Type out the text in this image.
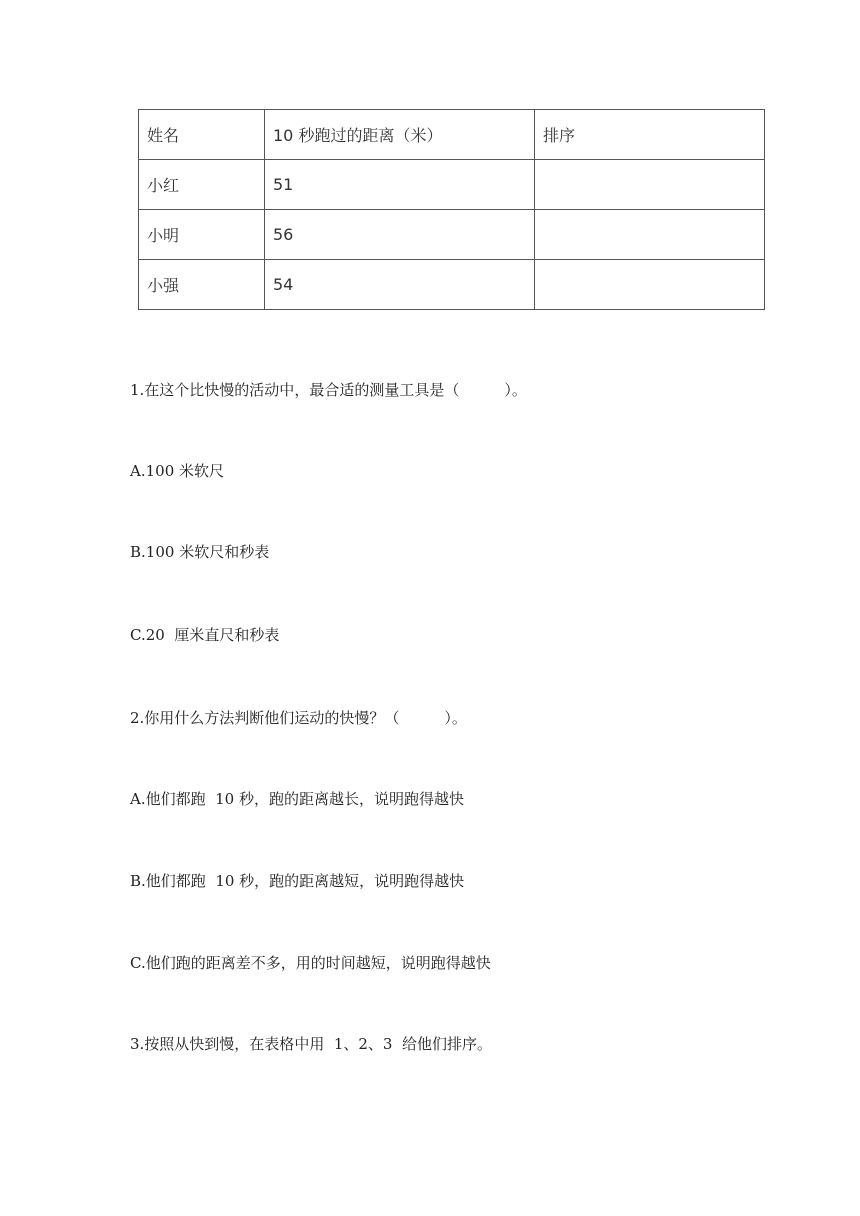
姓名	10 秒跑过的距离（米）	排序
小红	51	
小明	56	
小强	54	
1.在这个比快慢的活动中，最合适的测量工具是（　　　）。
A.100 米软尺
B.100 米软尺和秒表
C.20  厘米直尺和秒表
2.你用什么方法判断他们运动的快慢？（　　　）。
A.他们都跑  10 秒，跑的距离越长，说明跑得越快
B.他们都跑  10 秒，跑的距离越短，说明跑得越快
C.他们跑的距离差不多，用的时间越短，说明跑得越快
3.按照从快到慢，在表格中用  1、2、3  给他们排序。
